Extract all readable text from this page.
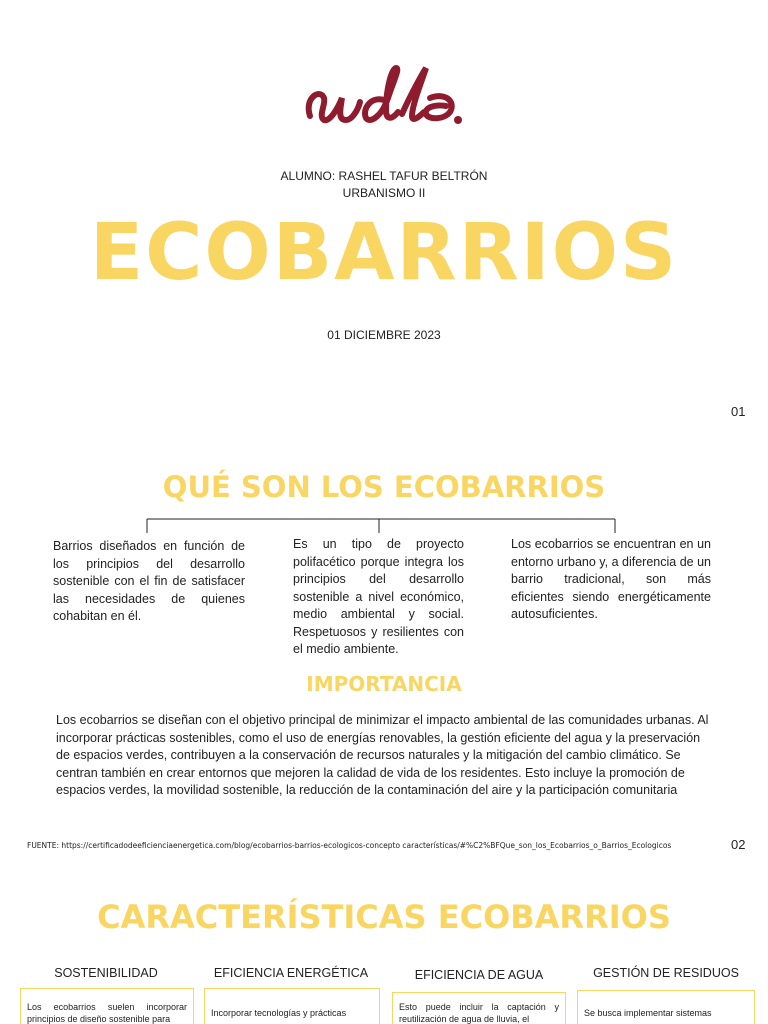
ALUMNO: RASHEL TAFUR BELTRÓN
URBANISMO II
ECOBARRIOS
01 DICIEMBRE 2023
01
QUÉ SON LOS ECOBARRIOS
Barrios diseñados en función de los principios del desarrollo sostenible con el fin de satisfacer las necesidades de quienes cohabitan en él.
Es un tipo de proyecto polifacético porque integra los principios del desarrollo sostenible a nivel económico, medio ambiental y social. Respetuosos y resilientes con el medio ambiente.
Los ecobarrios se encuentran en un entorno urbano y, a diferencia de un barrio tradicional, son más eficientes siendo energéticamente autosuficientes.
IMPORTANCIA
Los ecobarrios se diseñan con el objetivo principal de minimizar el impacto ambiental de las comunidades urbanas. Al incorporar prácticas sostenibles, como el uso de energías renovables, la gestión eficiente del agua y la preservación de espacios verdes, contribuyen a la conservación de recursos naturales y la mitigación del cambio climático. Se centran también en crear entornos que mejoren la calidad de vida de los residentes. Esto incluye la promoción de espacios verdes, la movilidad sostenible, la reducción de la contaminación del aire y la participación comunitaria
FUENTE: https://certificadodeeficienciaenergetica.com/blog/ecobarrios-barrios-ecologicos-concepto características/#%C2%BFQue_son_los_Ecobarrios_o_Barrios_Ecologicos	02
CARACTERÍSTICAS ECOBARRIOS
SOSTENIBILIDAD	EFICIENCIA ENERGÉTICA	EFICIENCIA DE AGUA	GESTIÓN DE RESIDUOS
Los ecobarrios suelen incorporar principios de diseño sostenible para
Incorporar tecnologías y prácticas
Esto puede incluir la captación y reutilización de agua de lluvia, el
Se busca implementar sistemas
